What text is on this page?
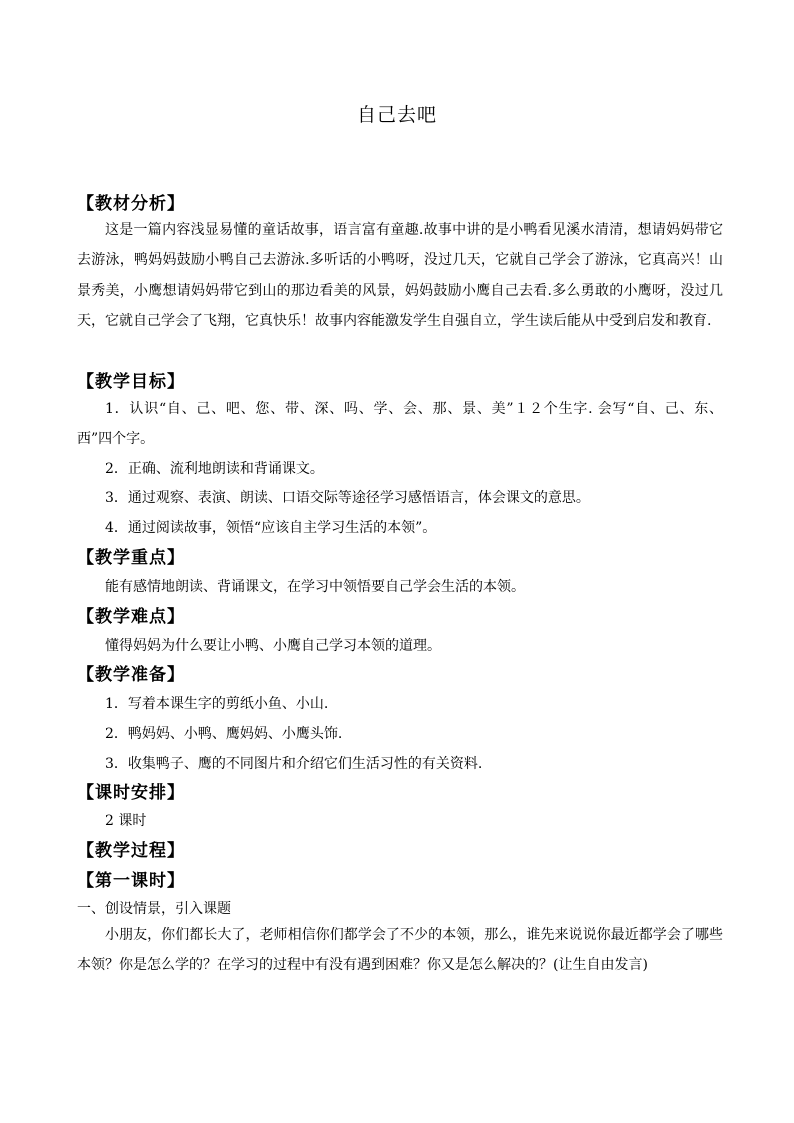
自己去吧
【教材分析】
这是一篇内容浅显易懂的童话故事，语言富有童趣.故事中讲的是小鸭看见溪水清清，想请妈妈带它去游泳，鸭妈妈鼓励小鸭自己去游泳.多听话的小鸭呀，没过几天，它就自己学会了游泳，它真高兴！山景秀美，小鹰想请妈妈带它到山的那边看美的风景，妈妈鼓励小鹰自己去看.多么勇敢的小鹰呀，没过几天，它就自己学会了飞翔，它真快乐！故事内容能激发学生自强自立，学生读后能从中受到启发和教育.
【教学目标】
1．认识“自、己、吧、您、带、深、吗、学、会、那、景、美”１２个生字. 会写“自、己、东、西”四个字。
2．正确、流利地朗读和背诵课文。
3．通过观察、表演、朗读、口语交际等途径学习感悟语言，体会课文的意思。
4．通过阅读故事，领悟“应该自主学习生活的本领”。
【教学重点】
能有感情地朗读、背诵课文，在学习中领悟要自己学会生活的本领。
【教学难点】
懂得妈妈为什么要让小鸭、小鹰自己学习本领的道理。
【教学准备】
1．写着本课生字的剪纸小鱼、小山.
2．鸭妈妈、小鸭、鹰妈妈、小鹰头饰.
3．收集鸭子、鹰的不同图片和介绍它们生活习性的有关资料.
【课时安排】
2 课时
【教学过程】
【第一课时】
一、创设情景，引入课题
小朋友，你们都长大了，老师相信你们都学会了不少的本领，那么，谁先来说说你最近都学会了哪些本领？你是怎么学的？在学习的过程中有没有遇到困难？你又是怎么解决的？(让生自由发言)
